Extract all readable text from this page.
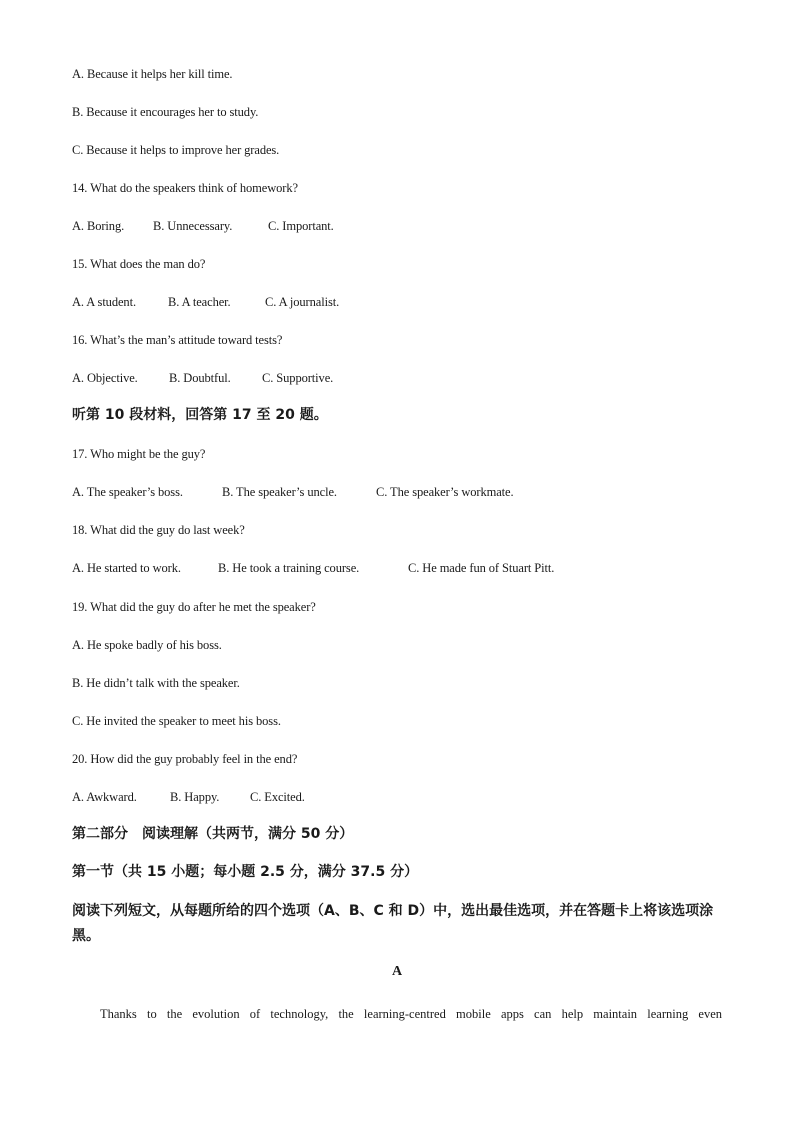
A. Because it helps her kill time.
B. Because it encourages her to study.
C. Because it helps to improve her grades.
14. What do the speakers think of homework?
A. Boring. B. Unnecessary.	C. Important.
15. What does the man do?
A. A student.	B. A teacher.	C. A journalist.
16. What’s the man’s attitude toward tests?
A. Objective.	B. Doubtful.	C. Supportive.
听第 10 段材料，回答第 17 至 20 题。
17. Who might be the guy?
A. The speaker’s boss.	B. The speaker’s uncle.	C. The speaker’s workmate.
18. What did the guy do last week?
A. He started to work.	B. He took a training course.	C. He made fun of Stuart Pitt.
19. What did the guy do after he met the speaker?
A. He spoke badly of his boss.
B. He didn’t talk with the speaker.
C. He invited the speaker to meet his boss.
20. How did the guy probably feel in the end?
A. Awkward.	B. Happy. C. Excited.
第二部分　阅读理解（共两节，满分 50 分）
第一节（共 15 小题；每小题 2.5 分，满分 37.5 分）
阅读下列短文，从每题所给的四个选项（A、B、C 和 D）中，选出最佳选项，并在答题卡上将该选项涂黑。
A
Thanks to the evolution of technology, the learning-centred mobile apps can help maintain learning even
